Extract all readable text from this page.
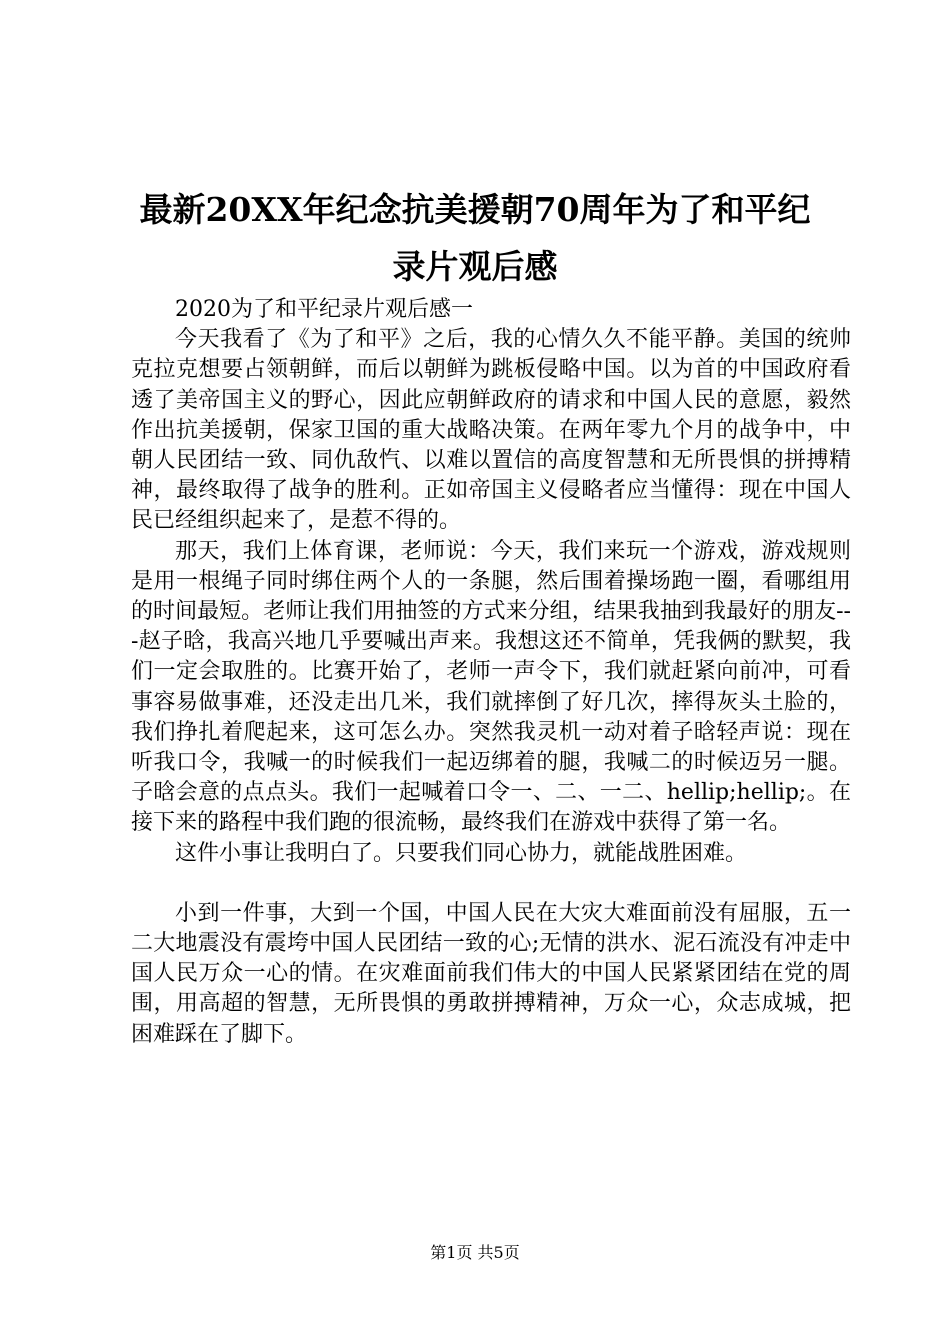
最新20XX年纪念抗美援朝70周年为了和平纪
录片观后感

2020为了和平纪录片观后感一

今天我看了《为了和平》之后，我的心情久久不能平静。美国的统帅克拉克想要占领朝鲜，而后以朝鲜为跳板侵略中国。以为首的中国政府看透了美帝国主义的野心，因此应朝鲜政府的请求和中国人民的意愿，毅然作出抗美援朝，保家卫国的重大战略决策。在两年零九个月的战争中，中朝人民团结一致、同仇敌忾、以难以置信的高度智慧和无所畏惧的拼搏精神，最终取得了战争的胜利。正如帝国主义侵略者应当懂得：现在中国人民已经组织起来了，是惹不得的。

那天，我们上体育课，老师说：今天，我们来玩一个游戏，游戏规则是用一根绳子同时绑住两个人的一条腿，然后围着操场跑一圈，看哪组用的时间最短。老师让我们用抽签的方式来分组，结果我抽到我最好的朋友---赵子晗，我高兴地几乎要喊出声来。我想这还不简单，凭我俩的默契，我们一定会取胜的。比赛开始了，老师一声令下，我们就赶紧向前冲，可看事容易做事难，还没走出几米，我们就摔倒了好几次，摔得灰头土脸的，我们挣扎着爬起来，这可怎么办。突然我灵机一动对着子晗轻声说：现在听我口令，我喊一的时候我们一起迈绑着的腿，我喊二的时候迈另一腿。子晗会意的点点头。我们一起喊着口令一、二、一二、hellip;hellip;。在接下来的路程中我们跑的很流畅，最终我们在游戏中获得了第一名。

这件小事让我明白了。只要我们同心协力，就能战胜困难。

小到一件事，大到一个国，中国人民在大灾大难面前没有屈服，五一二大地震没有震垮中国人民团结一致的心;无情的洪水、泥石流没有冲走中国人民万众一心的情。在灾难面前我们伟大的中国人民紧紧团结在党的周围，用高超的智慧，无所畏惧的勇敢拼搏精神，万众一心，众志成城，把困难踩在了脚下。

第1页 共5页
